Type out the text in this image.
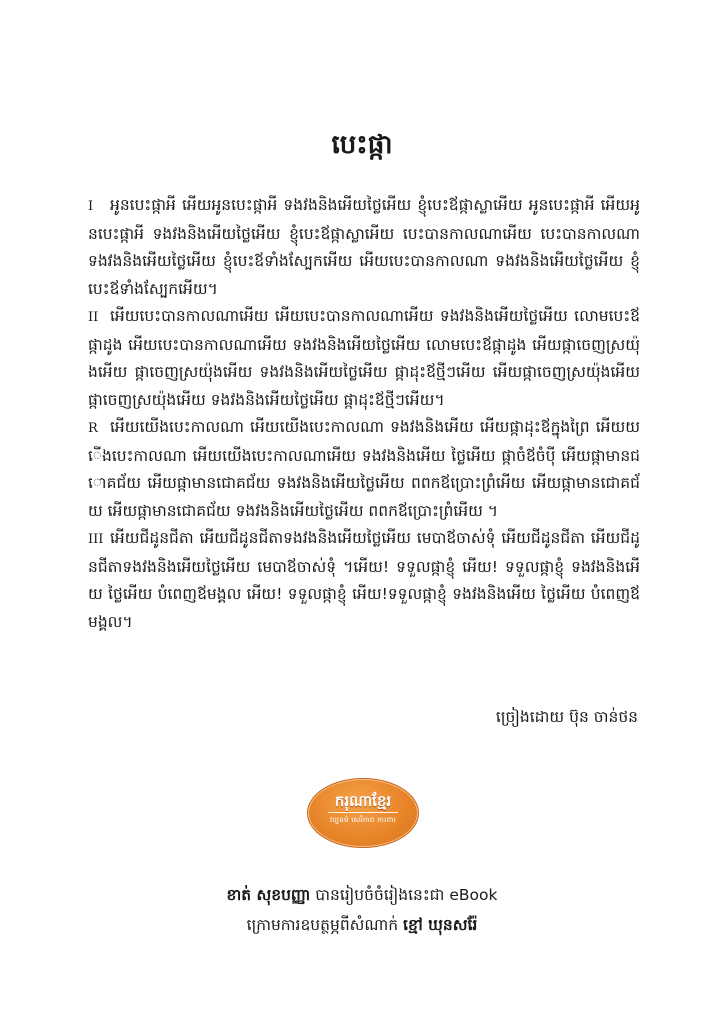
បេះផ្កា

I អូនបេះផ្កាអី អើយអូនបេះផ្កាអី ទងវងនិងអើយថ្លៃអើយ ខ្ញុំបេះឪផ្កាស្លាអើយ អូនបេះផ្កាអី អើយអូនបេះផ្កាអី ទងវងនិងអើយថ្លៃអើយ ខ្ញុំបេះឪផ្កាស្លាអើយ បេះបានកាលណាអើយ បេះបានកាលណា ទងវងនិងអើយថ្លៃអើយ ខ្ញុំបេះឪទាំងស្បែកអើយ អើយបេះបានកាលណា ទងវងនិងអើយថ្លៃអើយ ខ្ញុំបេះឪទាំងស្បែកអើយ។

II អើយបេះបានកាលណាអើយ អើយបេះបានកាលណាអើយ ទងវងនិងអើយថ្លៃអើយ លោមបេះឪផ្កាដូង អើយបេះបានកាលណាអើយ ទងវងនិងអើយថ្លៃអើយ លោមបេះឪផ្កាដូង អើយផ្កាចេញស្រយ៉ុងអើយ ផ្កាចេញស្រយ៉ុងអើយ ទងវងនិងអើយថ្លៃអើយ ផ្កាដុះឪថ្មីៗអើយ អើយផ្កាចេញស្រយ៉ុងអើយ ផ្កាចេញស្រយ៉ុងអើយ ទងវងនិងអើយថ្លៃអើយ ផ្កាដុះឪថ្មីៗអើយ។

R អើយយើងបេះកាលណា អើយយើងបេះកាលណា ទងវងនិងអើយ អើយផ្កាដុះឪក្នុងព្រៃ អើយយើងបេះកាលណា អើយយើងបេះកាលណាអើយ ទងវងនិងអើយ ថ្លៃអើយ ផ្កាចំឪចំប៉ី អើយផ្កាមានជោគជ័យ អើយផ្កាមានជោគជ័យ ទងវងនិងអើយថ្លៃអើយ ពពកឪប្រោះព្រំអើយ អើយផ្កាមានជោគជ័យ អើយផ្កាមានជោគជ័យ ទងវងនិងអើយថ្លៃអើយ ពពកឪប្រោះព្រំអើយ ។

III អើយជីដូនជីតា អើយជីដូនជីតាទងវងនិងអើយថ្លៃអើយ មេបាឪចាស់ទុំ អើយជីដូនជីតា អើយជីដូនជីតាទងវងនិងអើយថ្លៃអើយ មេបាឪចាស់ទុំ ។អើយ! ទទួលផ្កាខ្ញុំ អើយ! ទទួលផ្កាខ្ញុំ ទងវងនិងអើយ ថ្លៃអើយ បំពេញឪមង្គល អើយ! ទទួលផ្កាខ្ញុំ អើយ!ទទួលផ្កាខ្ញុំ ទងវងនិងអើយ ថ្លៃអើយ បំពេញឪមង្គល។

ច្រៀងដោយ ប៊ុន ចាន់ថន
ករុណាខ្មែរ
វប្បធម៌ សេរីភាព ការពារ
ខាត់ សុខបញ្ញា បានរៀបចំចំរៀងនេះជា eBook
ក្រោមការឧបត្ថម្ភពីសំណាក់ ខ្មៅ ឃុនសរ៉ែ
